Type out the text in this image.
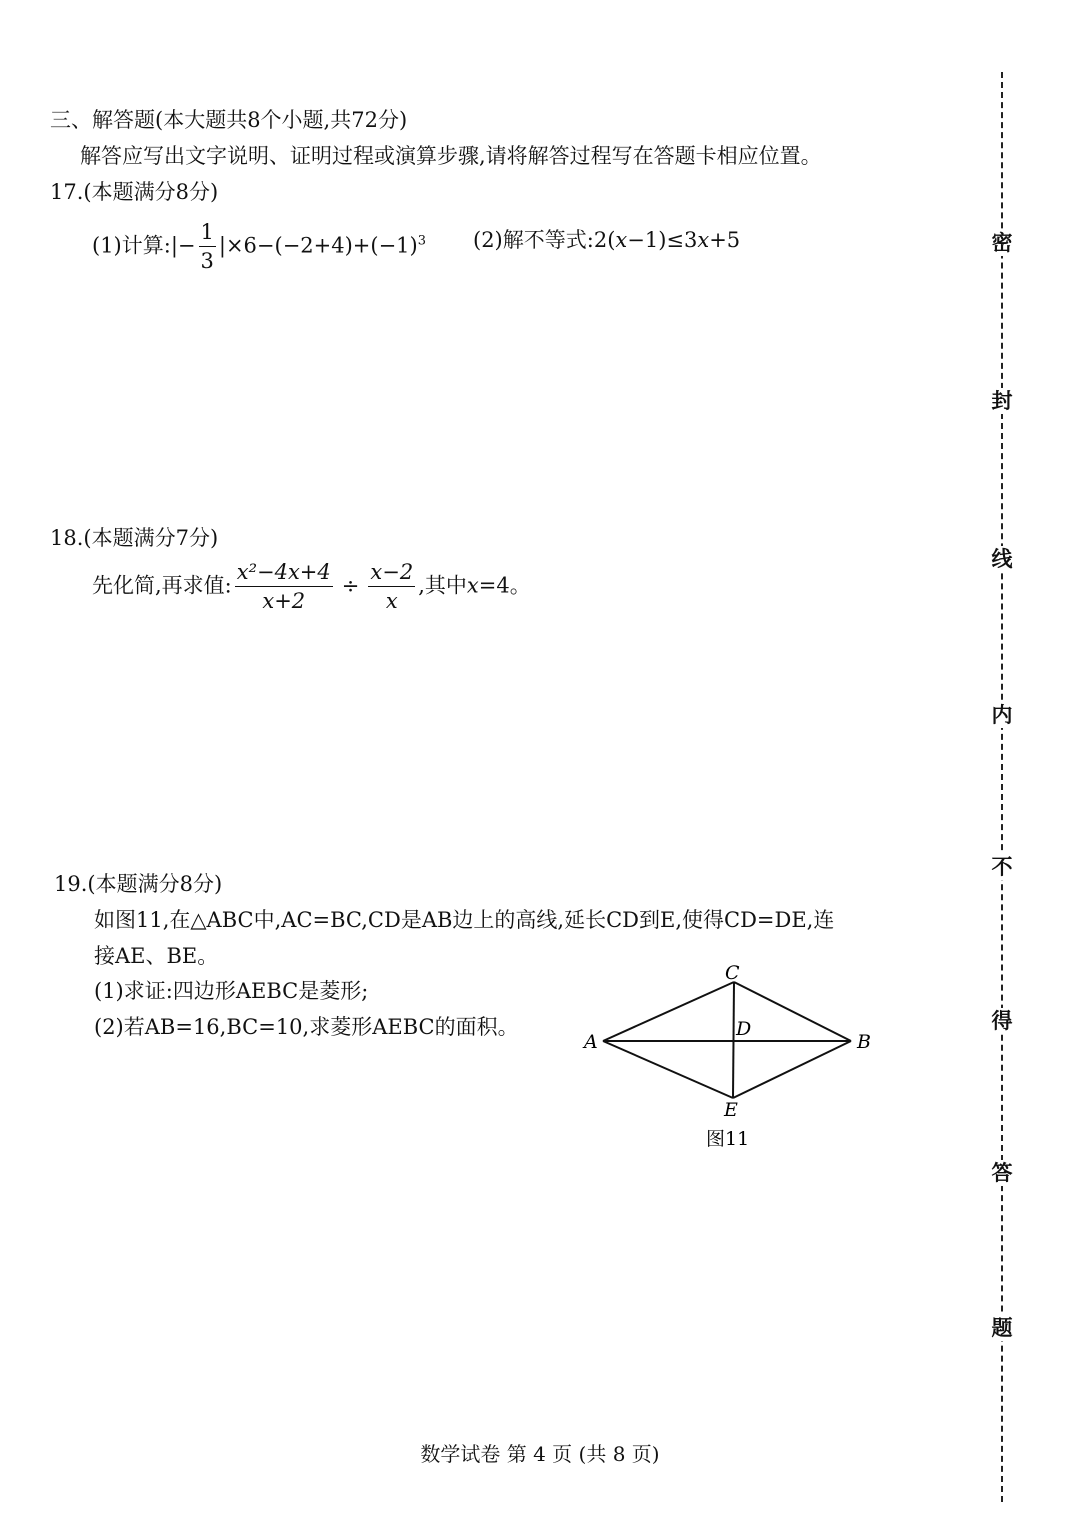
三、解答题(本大题共8个小题,共72分)
解答应写出文字说明、证明过程或演算步骤,请将解答过程写在答题卡相应位置。
17.(本题满分8分)
(1)计算:|− $\frac{1}{3} |\times 6-(-2+4)+(-1)^3$ (2)解不等式:2(x−1)≤3x+5
18.(本题满分7分)
先化简,再求值: $\frac{\text{x²−4x+4}}{x+2} \div \frac{x-2}{x}$ ,其中x=4。
19.(本题满分8分)
如图11,在△ABC中,AC=BC,CD是AB边上的高线,延长CD到E,使得CD=DE,连
接AE、BE。
(1)求证:四边形AEBC是菱形;
(2)若AB=16,BC=10,求菱形AEBC的面积。
C
A	B
D
E
图11
密
封
线
内
不
得
答
题
数学试卷 第 4 页 (共 8 页)
